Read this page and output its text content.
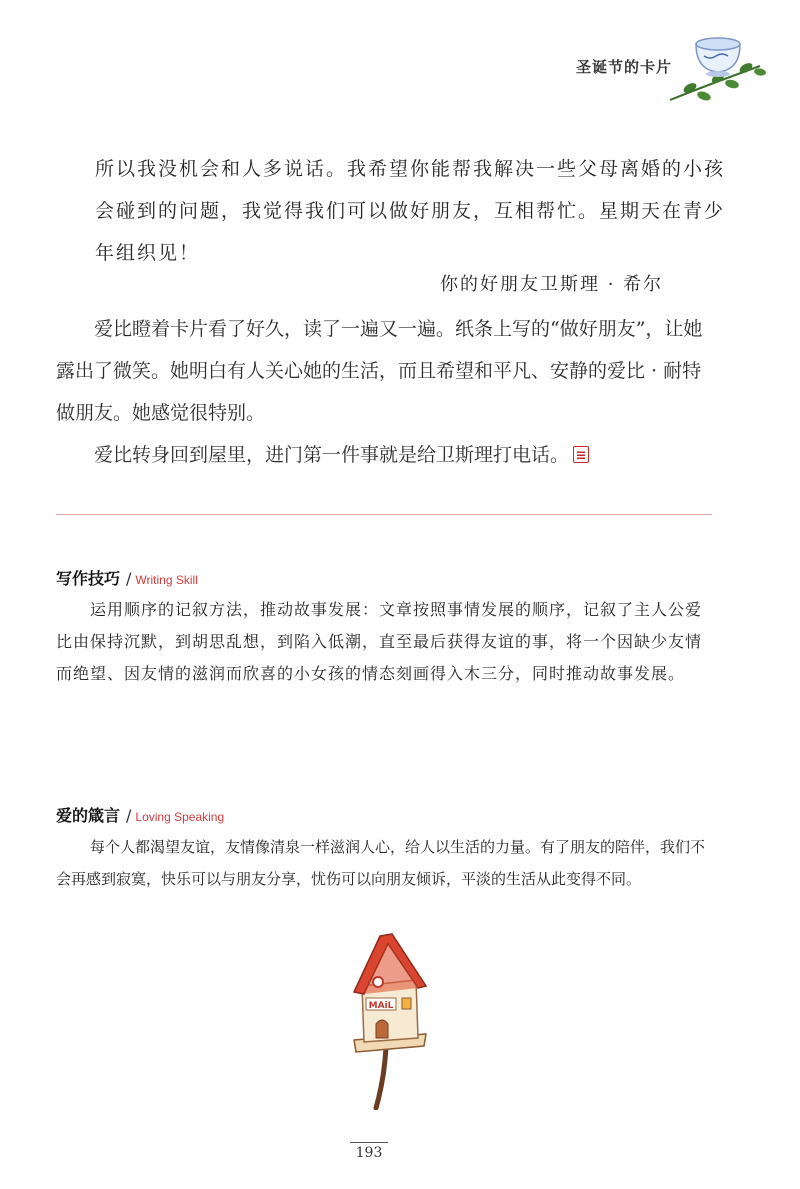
圣诞节的卡片

所以我没机会和人多说话。我希望你能帮我解决一些父母离婚的小孩

会碰到的问题，我觉得我们可以做好朋友，互相帮忙。星期天在青少

年组织见！

你的好朋友卫斯理 · 希尔

爱比瞪着卡片看了好久，读了一遍又一遍。纸条上写的“做好朋友”，让她露出了微笑。她明白有人关心她的生活，而且希望和平凡、安静的爱比 · 耐特做朋友。她感觉很特别。

爱比转身回到屋里，进门第一件事就是给卫斯理打电话。

写作技巧 / Writing Skill

运用顺序的记叙方法，推动故事发展：文章按照事情发展的顺序，记叙了主人公爱比由保持沉默，到胡思乱想，到陷入低潮，直至最后获得友谊的事，将一个因缺少友情而绝望、因友情的滋润而欣喜的小女孩的情态刻画得入木三分，同时推动故事发展。

爱的箴言 / Loving Speaking

每个人都渴望友谊，友情像清泉一样滋润人心，给人以生活的力量。有了朋友的陪伴，我们不会再感到寂寞，快乐可以与朋友分享，忧伤可以向朋友倾诉，平淡的生活从此变得不同。

MAiL
193
